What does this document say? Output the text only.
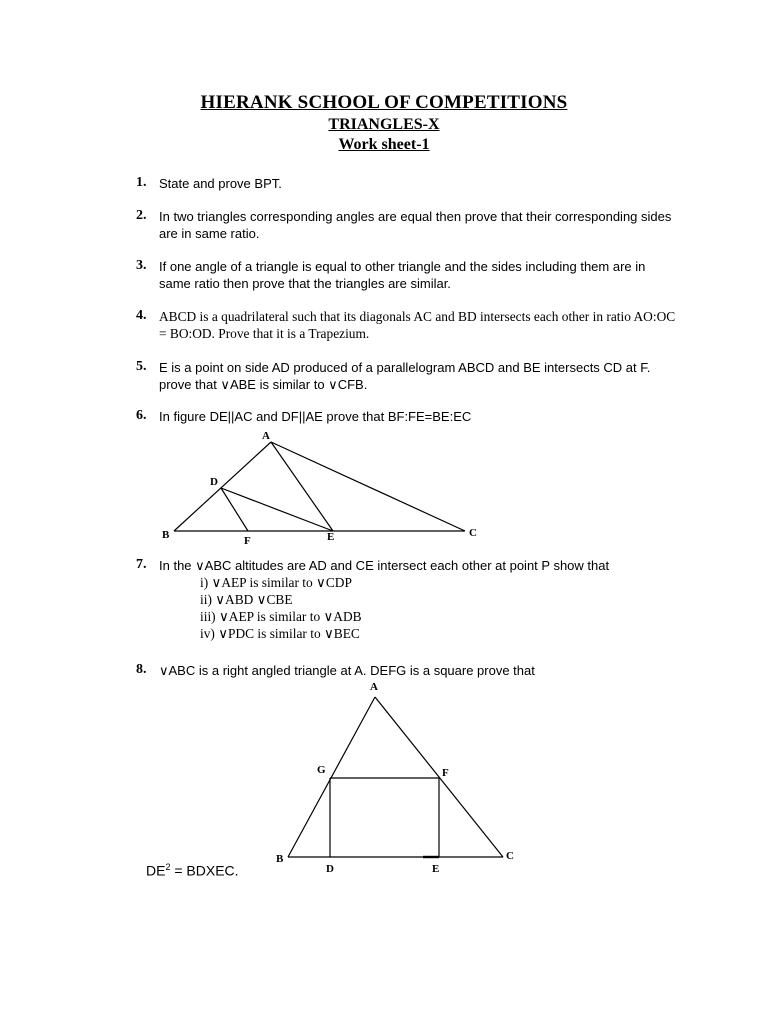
HIERANK SCHOOL OF COMPETITIONS
TRIANGLES-X
Work sheet-1
1. State and prove BPT.
2. In two triangles corresponding angles are equal then prove that their corresponding sides are in same ratio.
3. If one angle of a triangle is equal to other triangle and the sides including them are in same ratio then prove that the triangles are similar.
4. ABCD is a quadrilateral such that its diagonals AC and BD intersects each other in ratio AO:OC = BO:OD. Prove that it is a Trapezium.
5. E is a point on side AD produced of a parallelogram ABCD and BE intersects CD at F. prove that ∨ABE is similar to ∨CFB.
6. In figure DE||AC and DF||AE prove that BF:FE=BE:EC
A
D
B	F	E	C
7. In the ∨ABC altitudes are AD and CE intersect each other at point P show that
i) ∨AEP is similar to ∨CDP
ii) ∨ABD ∨CBE
iii) ∨AEP is similar to ∨ADB
iv) ∨PDC is similar to ∨BEC
8. ∨ABC is a right angled triangle at A. DEFG is a square prove that
A
G	F
B
D	E
C
$DE^2$ = BDXEC.
